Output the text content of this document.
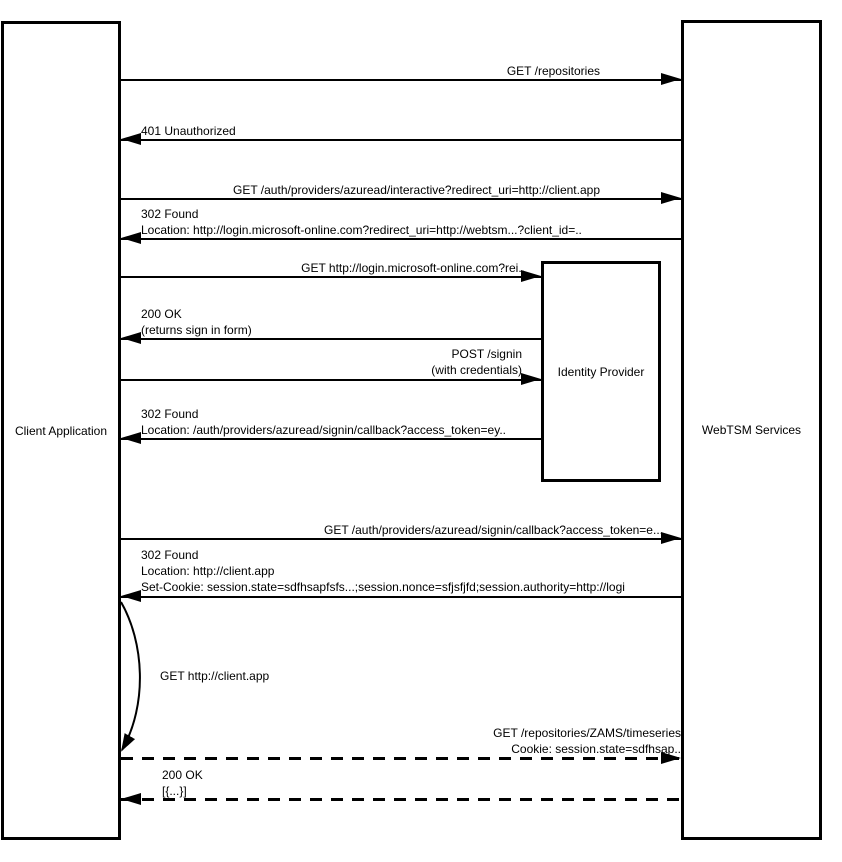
Client Application	WebTSM Services
Identity Provider
GET /repositories
401 Unauthorized
GET /auth/providers/azuread/interactive?redirect_uri=http://client.app
302 Found
Location: http://login.microsoft-online.com?redirect_uri=http://webtsm...?client_id=..
GET http://login.microsoft-online.com?rei..
200 OK
(returns sign in form)
POST /signin
(with credentials)
302 Found
Location: /auth/providers/azuread/signin/callback?access_token=ey..
GET /auth/providers/azuread/signin/callback?access_token=e...
302 Found
Location: http://client.app
Set-Cookie: session.state=sdfhsapfsfs...;session.nonce=sfjsfjfd;session.authority=http://logi
GET http://client.app
GET /repositories/ZAMS/timeseries
Cookie: session.state=sdfhsap..
200 OK
[{...}]
